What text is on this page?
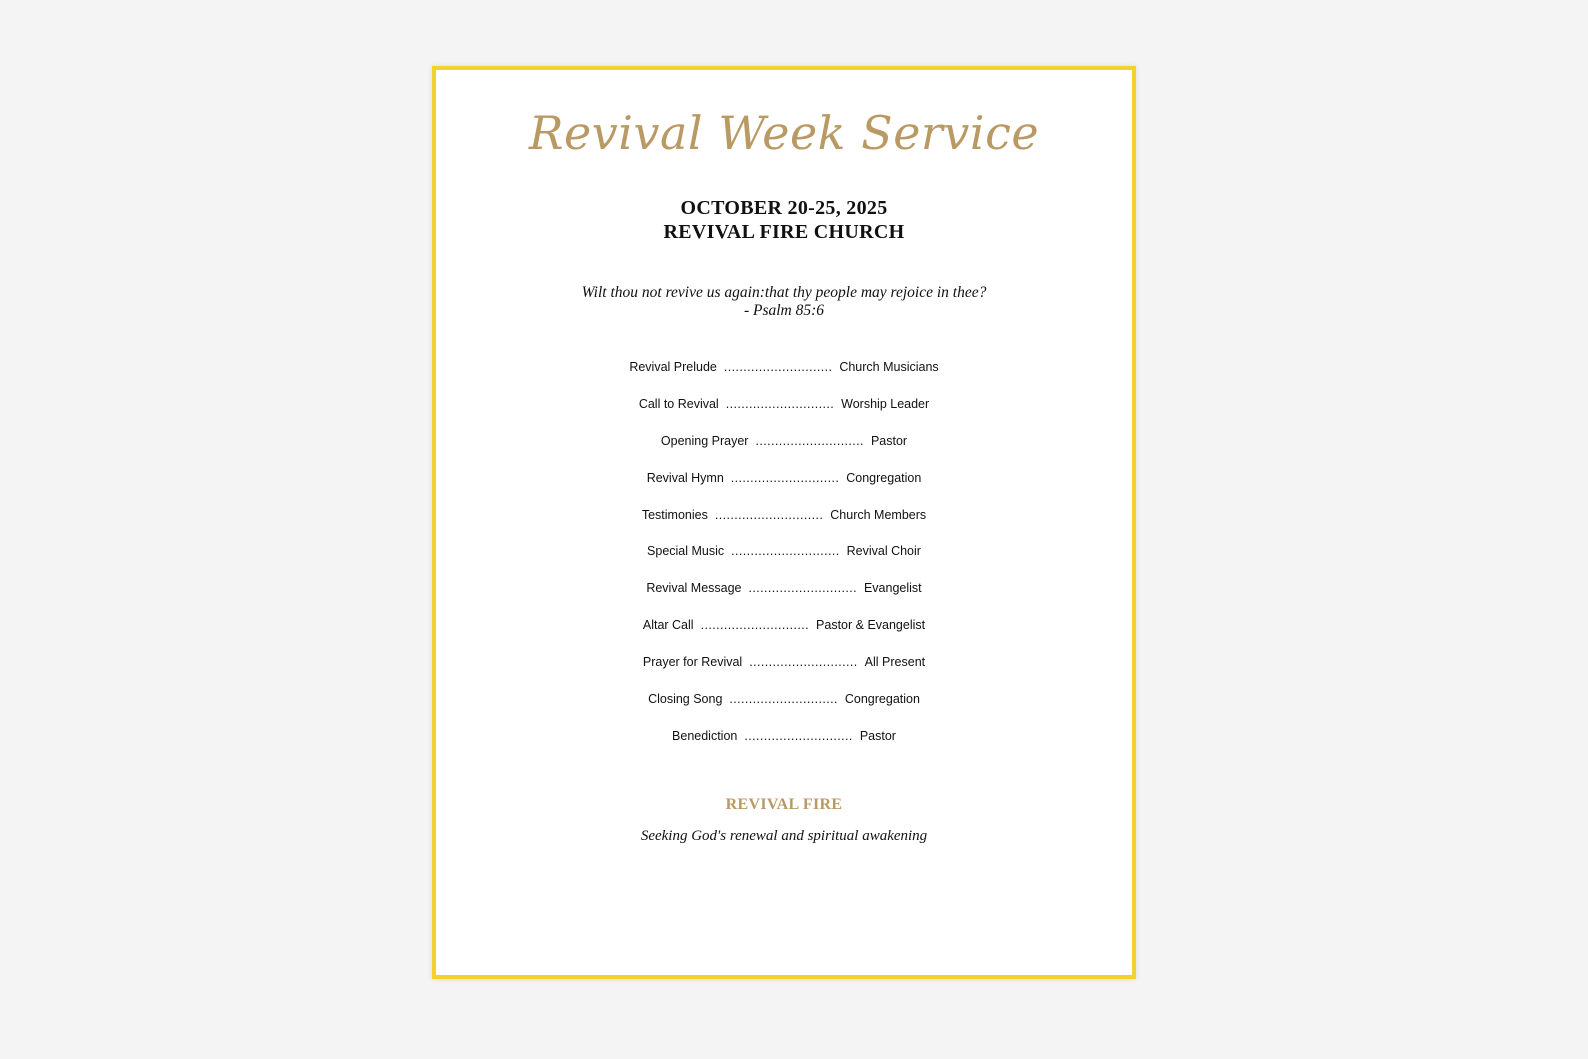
Revival Week Service
OCTOBER 20-25, 2025
REVIVAL FIRE CHURCH
Wilt thou not revive us again:that thy people may rejoice in thee?
- Psalm 85:6
Revival Prelude ............................ Church Musicians
Call to Revival ............................ Worship Leader
Opening Prayer ............................ Pastor
Revival Hymn ............................ Congregation
Testimonies ............................ Church Members
Special Music ............................ Revival Choir
Revival Message ............................ Evangelist
Altar Call ............................ Pastor & Evangelist
Prayer for Revival ............................ All Present
Closing Song ............................ Congregation
Benediction ............................ Pastor
REVIVAL FIRE
Seeking God's renewal and spiritual awakening
